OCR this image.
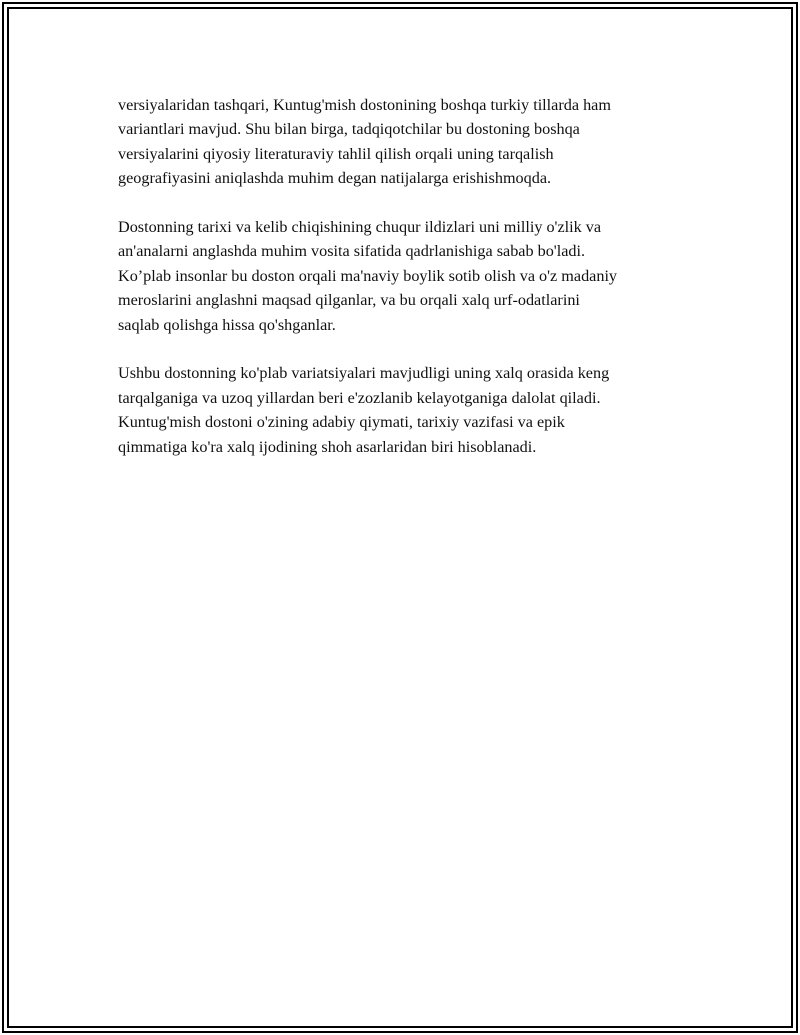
versiyalaridan tashqari, Kuntug'mish dostonining boshqa turkiy tillarda ham
variantlari mavjud. Shu bilan birga, tadqiqotchilar bu dostoning boshqa
versiyalarini qiyosiy literaturaviy tahlil qilish orqali uning tarqalish
geografiyasini aniqlashda muhim degan natijalarga erishishmoqda.

Dostonning tarixi va kelib chiqishining chuqur ildizlari uni milliy o'zlik va
an'analarni anglashda muhim vosita sifatida qadrlanishiga sabab bo'ladi.
Ko’plab insonlar bu doston orqali ma'naviy boylik sotib olish va o'z madaniy
meroslarini anglashni maqsad qilganlar, va bu orqali xalq urf-odatlarini
saqlab qolishga hissa qo'shganlar.

Ushbu dostonning ko'plab variatsiyalari mavjudligi uning xalq orasida keng
tarqalganiga va uzoq yillardan beri e'zozlanib kelayotganiga dalolat qiladi.
Kuntug'mish dostoni o'zining adabiy qiymati, tarixiy vazifasi va epik
qimmatiga ko'ra xalq ijodining shoh asarlaridan biri hisoblanadi.
